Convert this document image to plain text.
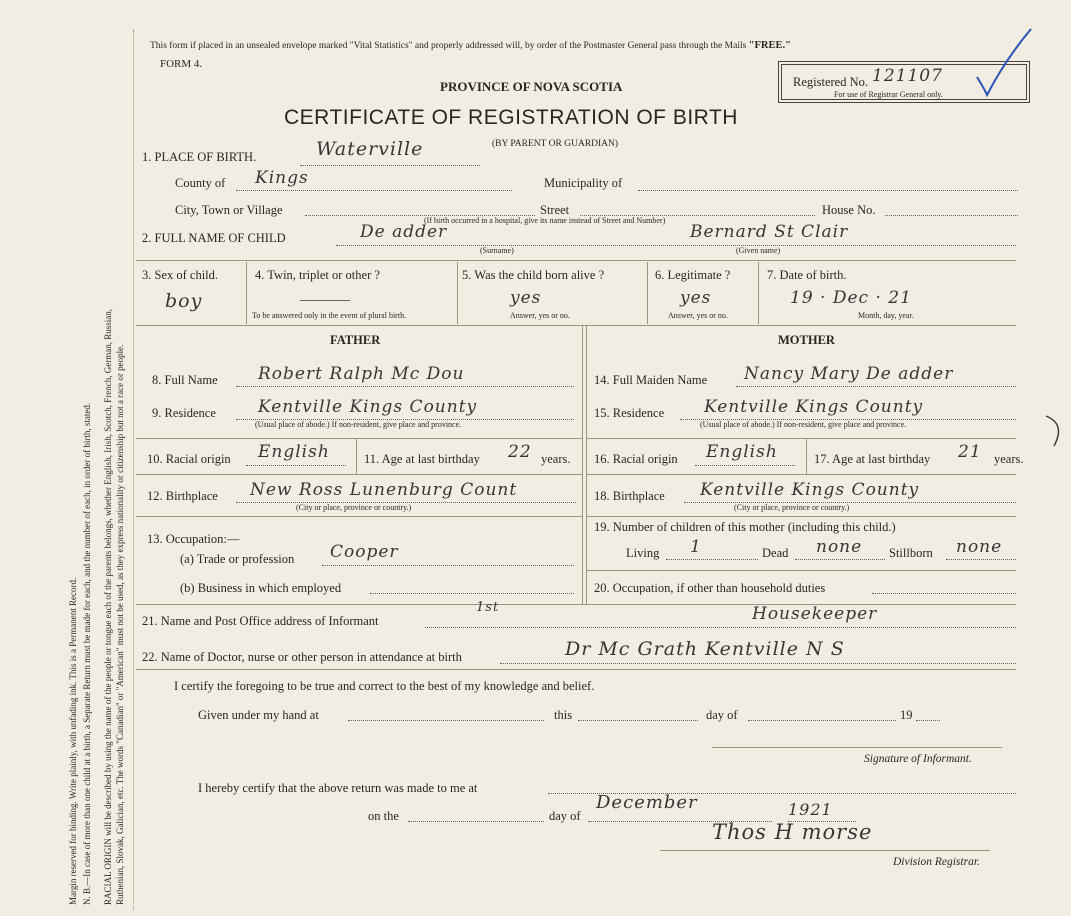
Margin reserved for binding. Write plainly, with unfading ink. This is a Permanent Record. N. B.—In case of more than one child at a birth, a Separate Return must be made for each, and the number of each, in order of birth, stated. RACIAL ORIGIN will be described by using the name of the people or tongue each of the parents belongs, whether English, Irish, Scotch, French, German, Russian, Ruthenian, Slovak, Galician, etc. The words "Canadian" or "American" must not be used, as they express nationality or citizenship but not a race or people.
This form if placed in an unsealed envelope marked "Vital Statistics" and properly addressed will, by order of the Postmaster General pass through the Mails "FREE."
FORM 4.
PROVINCE OF NOVA SCOTIA
CERTIFICATE OF REGISTRATION OF BIRTH
(BY PARENT OR GUARDIAN)
Registered No. 121107
For use of Registrar General only.
1. PLACE OF BIRTH.	Waterville
County of Kings	Municipality of
City, Town or Village	Street	House No.
(If birth occurred in a hospital, give its name instead of Street and Number)
2. FULL NAME OF CHILD	De adder	Bernard St Clair
(Surname)	(Given name)
3. Sex of child.
boy
4. Twin, triplet or other ?
To be answered only in the event of plural birth.
5. Was the child born alive ?
yes
Answer, yes or no.
6. Legitimate ?
yes
Answer, yes or no.
7. Date of birth.
19 · Dec · 21
Month, day, year.
FATHER
8. Full Name Robert Ralph Mc Dou
9. Residence Kentville Kings County
(Usual place of abode.) If non-resident, give place and province.
10. Racial origin English	11. Age at last birthday 22 years.
12. Birthplace New Ross Lunenburg Count
(City or place, province or country.)
13. Occupation:—
(a) Trade or profession Cooper
(b) Business in which employed
MOTHER
14. Full Maiden Name Nancy Mary De adder
15. Residence Kentville Kings County
(Usual place of abode.) If non-resident, give place and province.
16. Racial origin English	17. Age at last birthday 21 years.
18. Birthplace Kentville Kings County
(City or place, province or country.)
19. Number of children of this mother (including this child.)
Living 1	Dead none Stillborn none
20. Occupation, if other than household duties
21. Name and Post Office address of Informant
1st	Housekeeper
22. Name of Doctor, nurse or other person in attendance at birth	Dr Mc Grath Kentville N S
I certify the foregoing to be true and correct to the best of my knowledge and belief.
Given under my hand at	this	day of	19
Signature of Informant.
I hereby certify that the above return was made to me at
on the	day of
December	1921
Thos H morse
Division Registrar.
